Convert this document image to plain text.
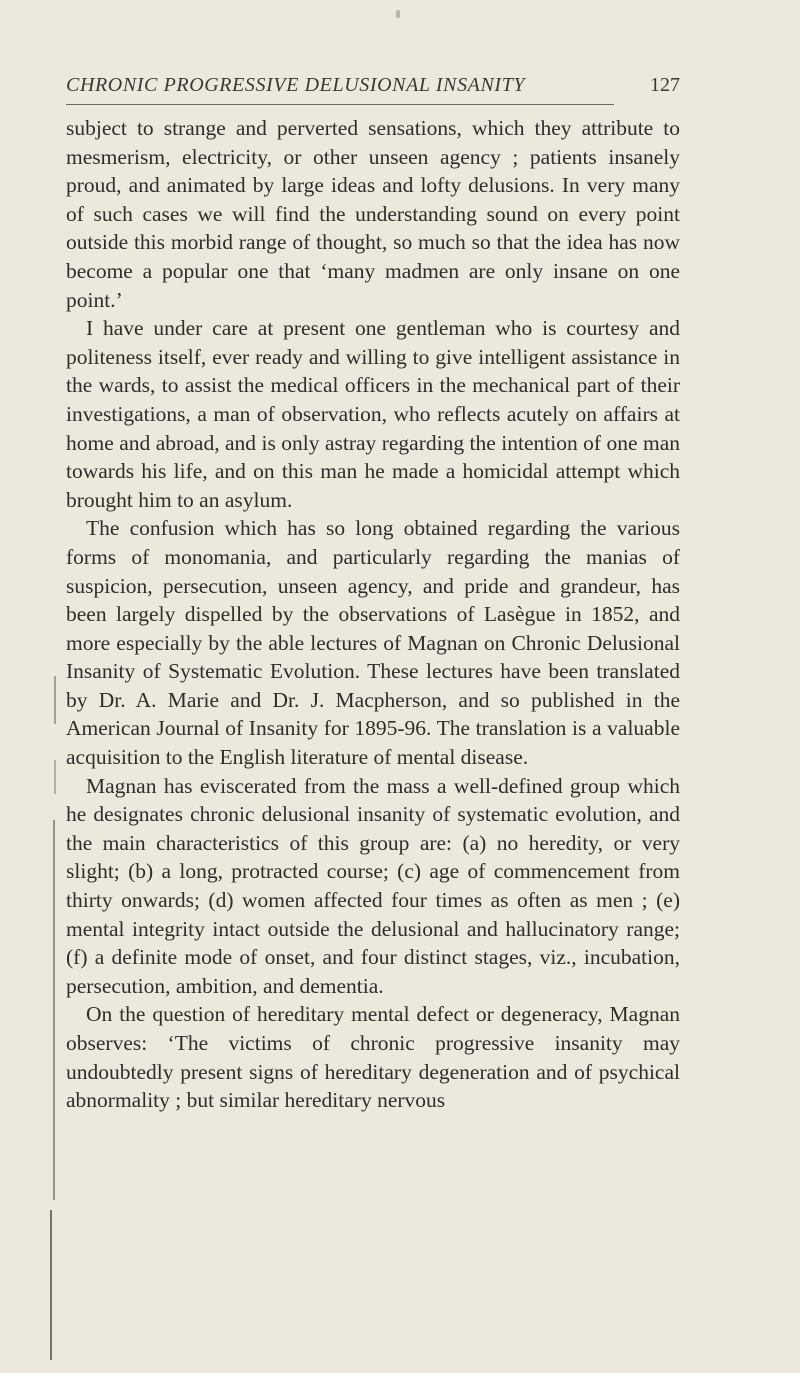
CHRONIC PROGRESSIVE DELUSIONAL INSANITY	127

subject to strange and perverted sensations, which they attribute to mesmerism, electricity, or other unseen agency ; patients insanely proud, and animated by large ideas and lofty delusions. In very many of such cases we will find the understanding sound on every point outside this morbid range of thought, so much so that the idea has now become a popular one that ‘many madmen are only insane on one point.’

I have under care at present one gentleman who is courtesy and politeness itself, ever ready and willing to give intelligent assistance in the wards, to assist the medical officers in the mechanical part of their investigations, a man of observation, who reflects acutely on affairs at home and abroad, and is only astray regarding the intention of one man towards his life, and on this man he made a homicidal attempt which brought him to an asylum.

The confusion which has so long obtained regarding the various forms of monomania, and particularly regarding the manias of suspicion, persecution, unseen agency, and pride and grandeur, has been largely dispelled by the observations of Lasègue in 1852, and more especially by the able lectures of Magnan on Chronic Delusional Insanity of Systematic Evolution. These lectures have been translated by Dr. A. Marie and Dr. J. Macpherson, and so published in the American Journal of Insanity for 1895-96. The translation is a valuable acquisition to the English literature of mental disease.

Magnan has eviscerated from the mass a well-defined group which he designates chronic delusional insanity of systematic evolution, and the main characteristics of this group are: (a) no heredity, or very slight; (b) a long, protracted course; (c) age of commencement from thirty onwards; (d) women affected four times as often as men ; (e) mental integrity intact outside the delusional and hallucinatory range; (f) a definite mode of onset, and four distinct stages, viz., incubation, persecution, ambition, and dementia.

On the question of hereditary mental defect or degeneracy, Magnan observes: ‘The victims of chronic progressive insanity may undoubtedly present signs of hereditary degeneration and of psychical abnormality ; but similar hereditary nervous
